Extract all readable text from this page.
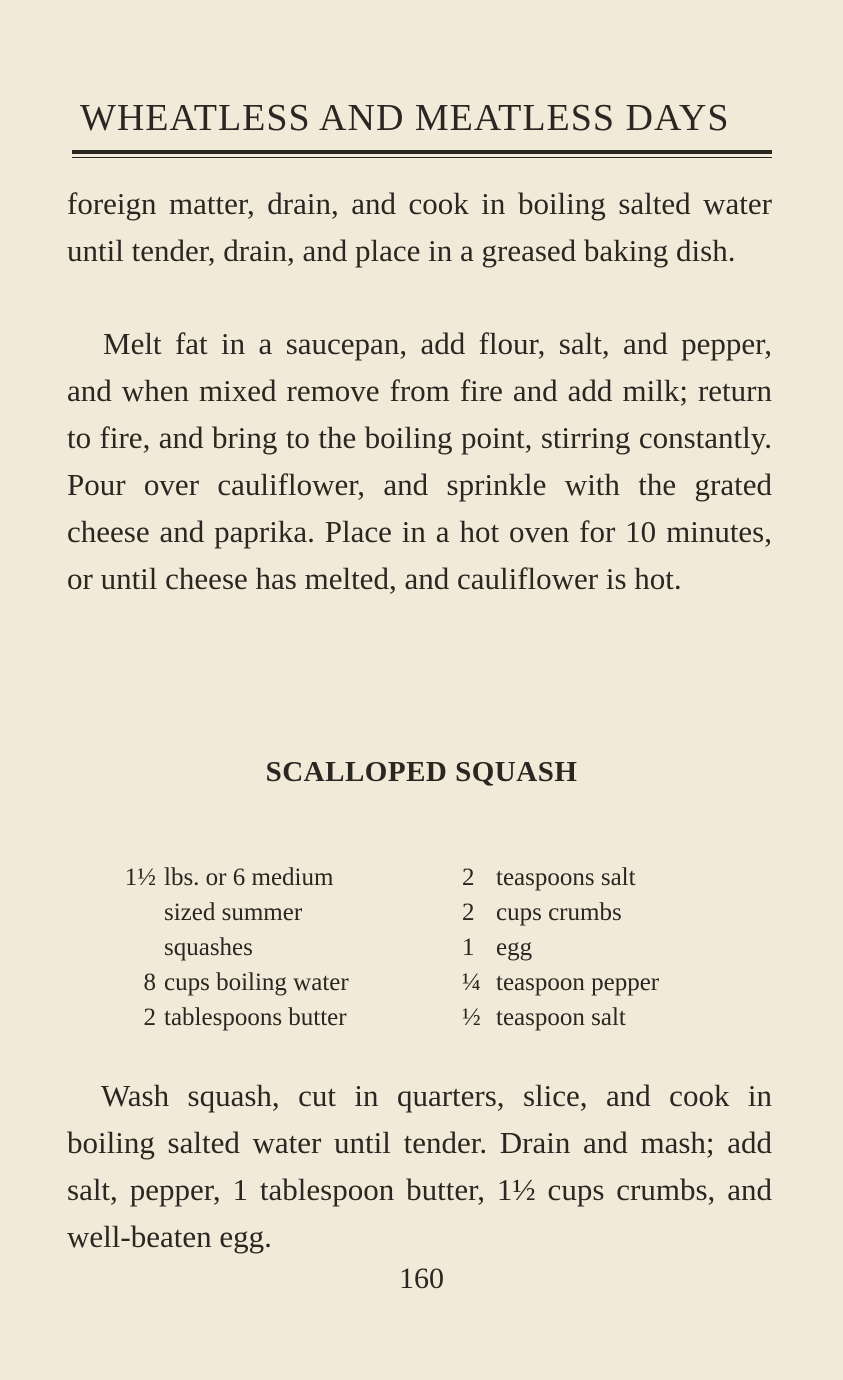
WHEATLESS AND MEATLESS DAYS

foreign matter, drain, and cook in boiling salted water until tender, drain, and place in a greased baking dish.

Melt fat in a saucepan, add flour, salt, and pepper, and when mixed remove from fire and add milk; return to fire, and bring to the boiling point, stirring constantly. Pour over cauliflower, and sprinkle with the grated cheese and paprika. Place in a hot oven for 10 minutes, or until cheese has melted, and cauliflower is hot.

SCALLOPED SQUASH
1½ lbs. or 6 medium
sized summer
squashes
8 cups boiling water
2 tablespoons butter
2 teaspoons salt
2 cups crumbs
1 egg
¼ teaspoon pepper
½ teaspoon salt

Wash squash, cut in quarters, slice, and cook in boiling salted water until tender. Drain and mash; add salt, pepper, 1 tablespoon butter, 1½ cups crumbs, and well-beaten egg.

160
